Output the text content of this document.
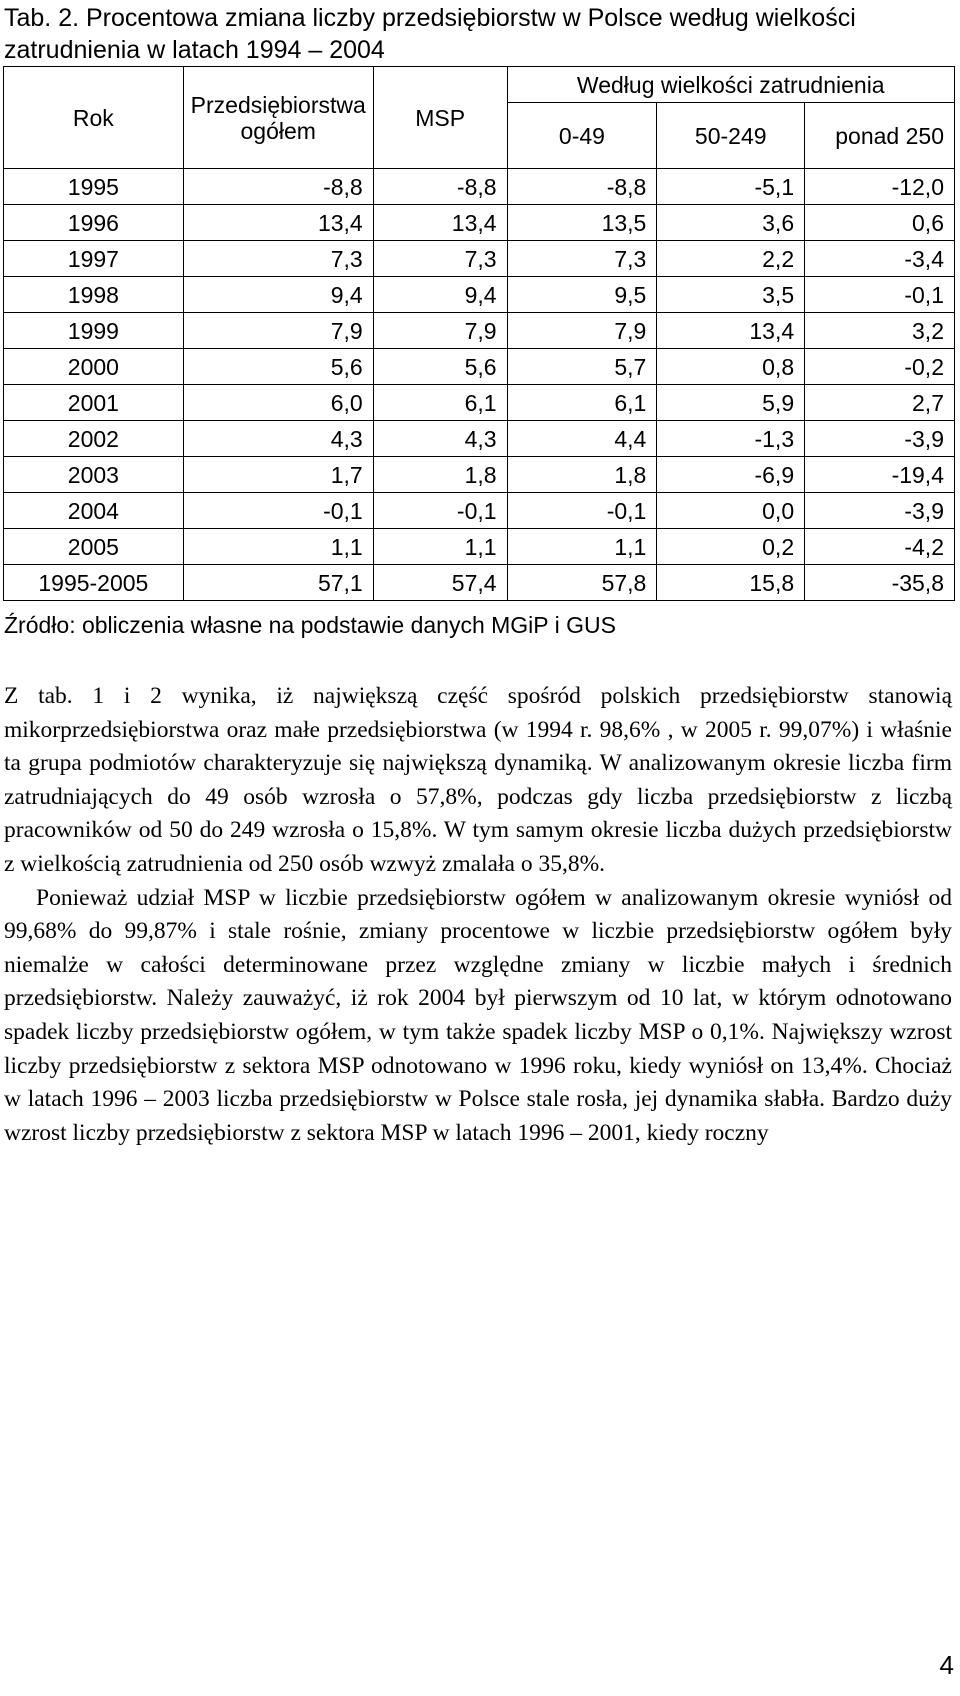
Tab. 2. Procentowa zmiana liczby przedsiębiorstw w Polsce według wielkości zatrudnienia w latach 1994 – 2004

Rok	Przedsiębiorstwa ogółem	MSP	Według wielkości zatrudnienia		
			0-49	50-249	ponad 250
1995	-8,8	-8,8	-8,8	-5,1	-12,0
1996	13,4	13,4	13,5	3,6	0,6
1997	7,3	7,3	7,3	2,2	-3,4
1998	9,4	9,4	9,5	3,5	-0,1
1999	7,9	7,9	7,9	13,4	3,2
2000	5,6	5,6	5,7	0,8	-0,2
2001	6,0	6,1	6,1	5,9	2,7
2002	4,3	4,3	4,4	-1,3	-3,9
2003	1,7	1,8	1,8	-6,9	-19,4
2004	-0,1	-0,1	-0,1	0,0	-3,9
2005	1,1	1,1	1,1	0,2	-4,2
1995-2005	57,1	57,4	57,8	15,8	-35,8

Źródło: obliczenia własne na podstawie danych MGiP i GUS

Z tab. 1 i 2 wynika, iż największą część spośród polskich przedsiębiorstw stanowią mikorprzedsiębiorstwa oraz małe przedsiębiorstwa (w 1994 r. 98,6% , w 2005 r. 99,07%) i właśnie ta grupa podmiotów charakteryzuje się największą dynamiką. W analizowanym okresie liczba firm zatrudniających do 49 osób wzrosła o 57,8%, podczas gdy liczba przedsiębiorstw z liczbą pracowników od 50 do 249 wzrosła o 15,8%. W tym samym okresie liczba dużych przedsiębiorstw z wielkością zatrudnienia od 250 osób wzwyż zmalała o 35,8%.

Ponieważ udział MSP w liczbie przedsiębiorstw ogółem w analizowanym okresie wyniósł od 99,68% do 99,87% i stale rośnie, zmiany procentowe w liczbie przedsiębiorstw ogółem były niemalże w całości determinowane przez względne zmiany w liczbie małych i średnich przedsiębiorstw. Należy zauważyć, iż rok 2004 był pierwszym od 10 lat, w którym odnotowano spadek liczby przedsiębiorstw ogółem, w tym także spadek liczby MSP o 0,1%. Największy wzrost liczby przedsiębiorstw z sektora MSP odnotowano w 1996 roku, kiedy wyniósł on 13,4%. Chociaż w latach 1996 – 2003 liczba przedsiębiorstw w Polsce stale rosła, jej dynamika słabła. Bardzo duży wzrost liczby przedsiębiorstw z sektora MSP w latach 1996 – 2001, kiedy roczny

4
